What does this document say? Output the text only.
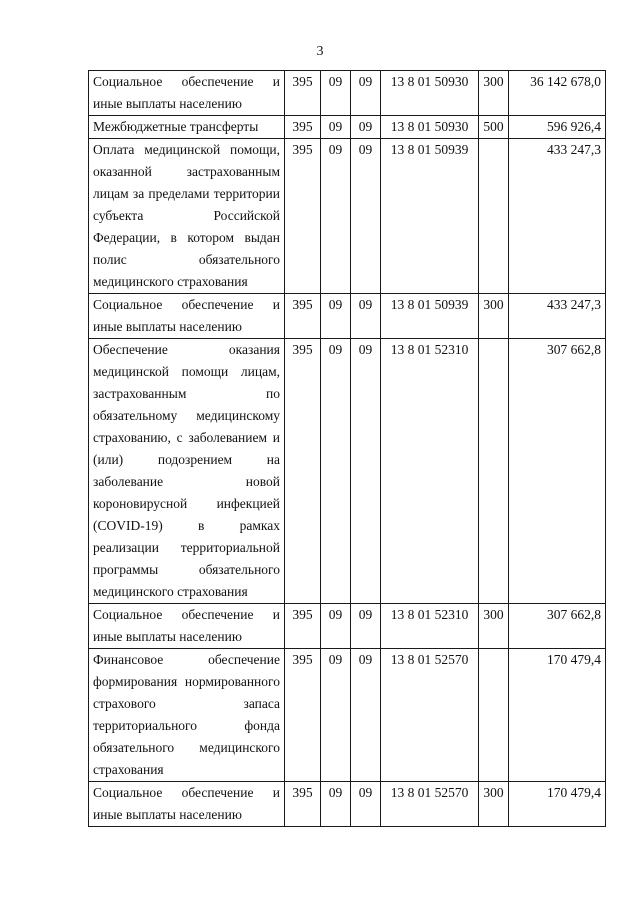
3
Социальное обеспечение и иные выплаты населению	395	09	09	13 8 01 50930	300	36 142 678,0
Межбюджетные трансферты	395	09	09	13 8 01 50930	500	596 926,4
Оплата медицинской помощи, оказанной застрахованным лицам за пределами территории субъекта Российской Федерации, в котором выдан полис обязательного медицинского страхования	395	09	09	13 8 01 50939		433 247,3
Социальное обеспечение и иные выплаты населению	395	09	09	13 8 01 50939	300	433 247,3
Обеспечение оказания медицинской помощи лицам, застрахованным по обязательному медицинскому страхованию, с заболеванием и (или) подозрением на заболевание новой короновирусной инфекцией (COVID-19) в рамках реализации территориальной программы обязательного медицинского страхования	395	09	09	13 8 01 52310		307 662,8
Социальное обеспечение и иные выплаты населению	395	09	09	13 8 01 52310	300	307 662,8
Финансовое обеспечение формирования нормированного страхового запаса территориального фонда обязательного медицинского страхования	395	09	09	13 8 01 52570		170 479,4
Социальное обеспечение и иные выплаты населению	395	09	09	13 8 01 52570	300	170 479,4
